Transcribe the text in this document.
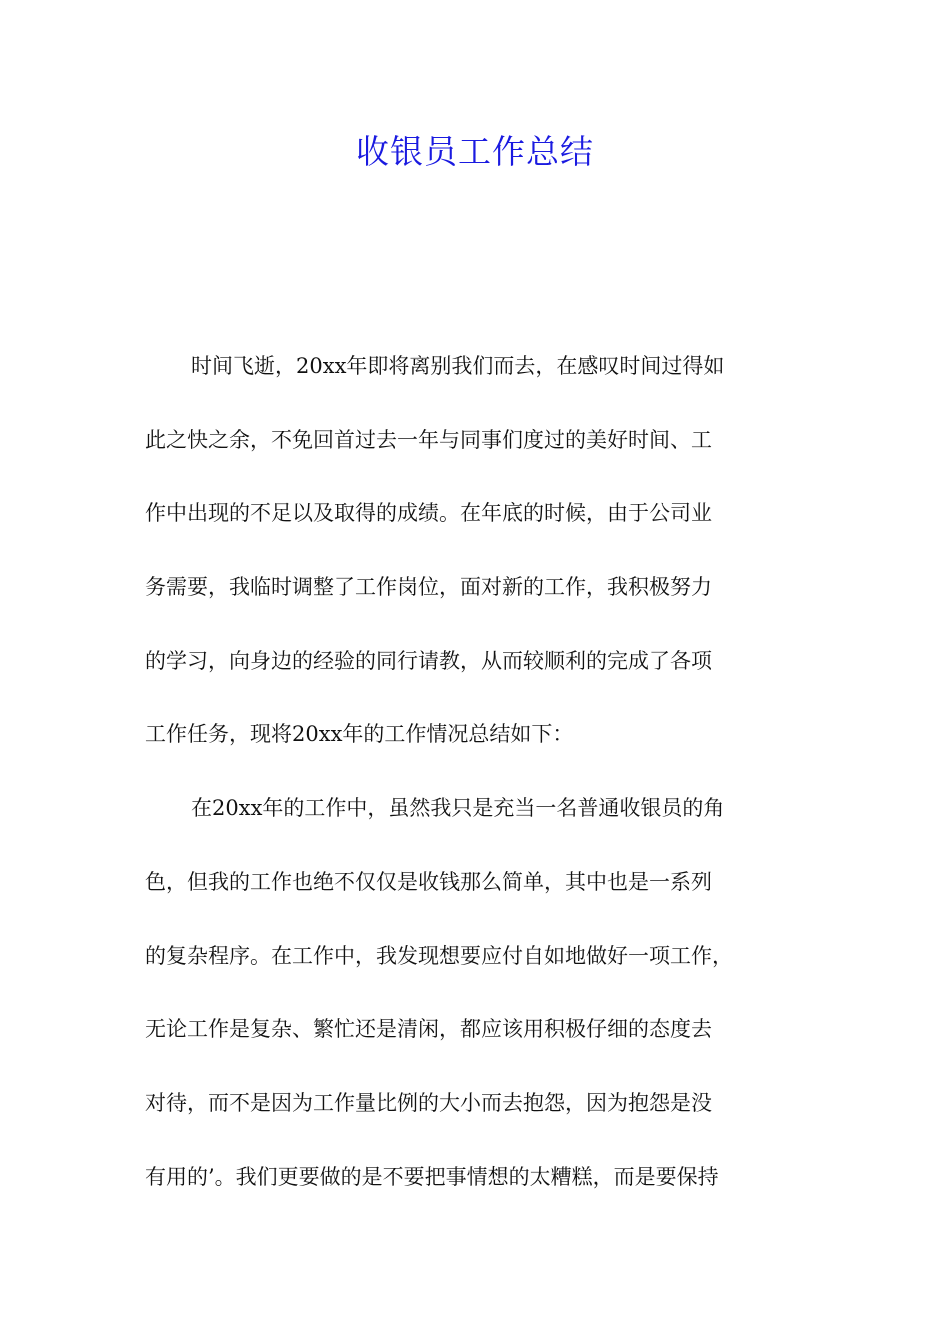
收银员工作总结
时间飞逝，20xx年即将离别我们而去，在感叹时间过得如
此之快之余，不免回首过去一年与同事们度过的美好时间、工
作中出现的不足以及取得的成绩。在年底的时候，由于公司业
务需要，我临时调整了工作岗位，面对新的工作，我积极努力
的学习，向身边的经验的同行请教，从而较顺利的完成了各项
工作任务，现将20xx年的工作情况总结如下：
在20xx年的工作中，虽然我只是充当一名普通收银员的角
色，但我的工作也绝不仅仅是收钱那么简单，其中也是一系列
的复杂程序。在工作中，我发现想要应付自如地做好一项工作，
无论工作是复杂、繁忙还是清闲，都应该用积极仔细的态度去
对待，而不是因为工作量比例的大小而去抱怨，因为抱怨是没
有用的’。我们更要做的是不要把事情想的太糟糕，而是要保持
